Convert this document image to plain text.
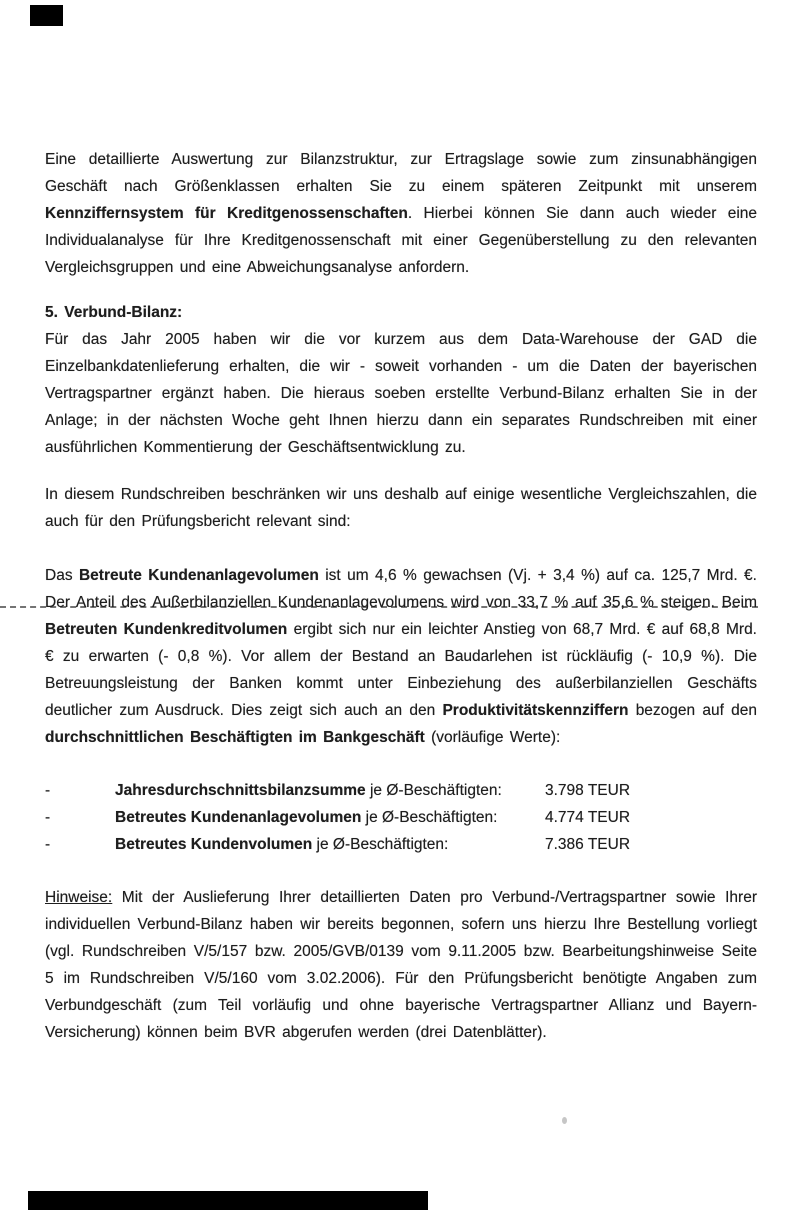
Eine detaillierte Auswertung zur Bilanzstruktur, zur Ertragslage sowie zum zinsunabhängigen Geschäft nach Größenklassen erhalten Sie zu einem späteren Zeitpunkt mit unserem Kennziffernsystem für Kreditgenossenschaften. Hierbei können Sie dann auch wieder eine Individualanalyse für Ihre Kreditgenossenschaft mit einer Gegenüberstellung zu den relevanten Vergleichsgruppen und eine Abweichungsanalyse anfordern.
5. Verbund-Bilanz:
Für das Jahr 2005 haben wir die vor kurzem aus dem Data-Warehouse der GAD die Einzelbankdatenlieferung erhalten, die wir - soweit vorhanden - um die Daten der bayerischen Vertragspartner ergänzt haben. Die hieraus soeben erstellte Verbund-Bilanz erhalten Sie in der Anlage; in der nächsten Woche geht Ihnen hierzu dann ein separates Rundschreiben mit einer ausführlichen Kommentierung der Geschäftsentwicklung zu.
In diesem Rundschreiben beschränken wir uns deshalb auf einige wesentliche Vergleichszahlen, die auch für den Prüfungsbericht relevant sind:
Das Betreute Kundenanlagevolumen ist um 4,6 % gewachsen (Vj. + 3,4 %) auf ca. 125,7 Mrd. €. Der Anteil des Außerbilanziellen Kundenanlagevolumens wird von 33,7 % auf 35,6 % steigen. Beim Betreuten Kundenkreditvolumen ergibt sich nur ein leichter Anstieg von 68,7 Mrd. € auf 68,8 Mrd. € zu erwarten (- 0,8 %). Vor allem der Bestand an Baudarlehen ist rückläufig (- 10,9 %). Die Betreuungsleistung der Banken kommt unter Einbeziehung des außerbilanziellen Geschäfts deutlicher zum Ausdruck. Dies zeigt sich auch an den Produktivitätskennziffern bezogen auf den durchschnittlichen Beschäftigten im Bankgeschäft (vorläufige Werte):
-	Jahresdurchschnittsbilanzsumme je Ø-Beschäftigten:	3.798 TEUR
-	Betreutes Kundenanlagevolumen je Ø-Beschäftigten:	4.774 TEUR
-	Betreutes Kundenvolumen je Ø-Beschäftigten:	7.386 TEUR
Hinweise: Mit der Auslieferung Ihrer detaillierten Daten pro Verbund-/Vertragspartner sowie Ihrer individuellen Verbund-Bilanz haben wir bereits begonnen, sofern uns hierzu Ihre Bestellung vorliegt (vgl. Rundschreiben V/5/157 bzw. 2005/GVB/0139 vom 9.11.2005 bzw. Bearbeitungshinweise Seite 5 im Rundschreiben V/5/160 vom 3.02.2006). Für den Prüfungsbericht benötigte Angaben zum Verbundgeschäft (zum Teil vorläufig und ohne bayerische Vertragspartner Allianz und Bayern-Versicherung) können beim BVR abgerufen werden (drei Datenblätter).
